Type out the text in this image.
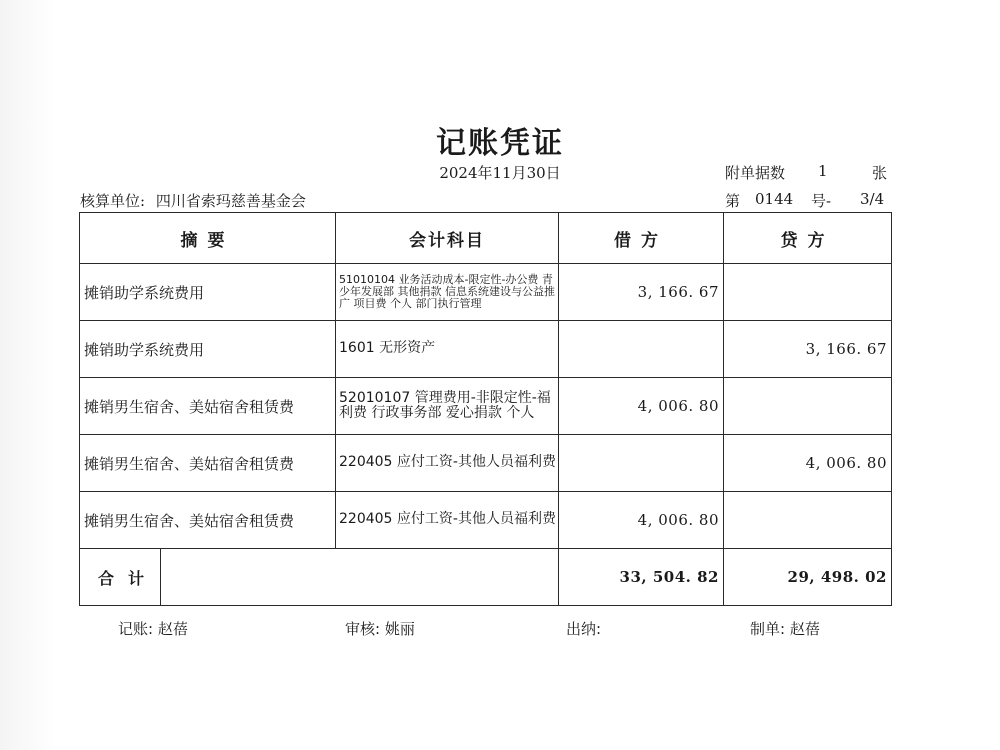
记账凭证
2024年11月30日	附单据数 1	张
核算单位: 四川省索玛慈善基金会	第 0144 号- 3/4
摘要	会计科目	借方	贷方
摊销助学系统费用	51010104 业务活动成本-限定性-办公费 青少年发展部 其他捐款 信息系统建设与公益推广 项目费 个人 部门执行管理	3, 166. 67	
摊销助学系统费用	1601 无形资产		3, 166. 67
摊销男生宿舍、美姑宿舍租赁费	52010107 管理费用-非限定性-福利费 行政事务部 爱心捐款 个人	4, 006. 80	
摊销男生宿舍、美姑宿舍租赁费	220405 应付工资-其他人员福利费		4, 006. 80
摊销男生宿舍、美姑宿舍租赁费	220405 应付工资-其他人员福利费	4, 006. 80	

合计		33, 504. 82	29, 498. 02
记账: 赵蓓	审核: 姚丽	出纳:	制单: 赵蓓
